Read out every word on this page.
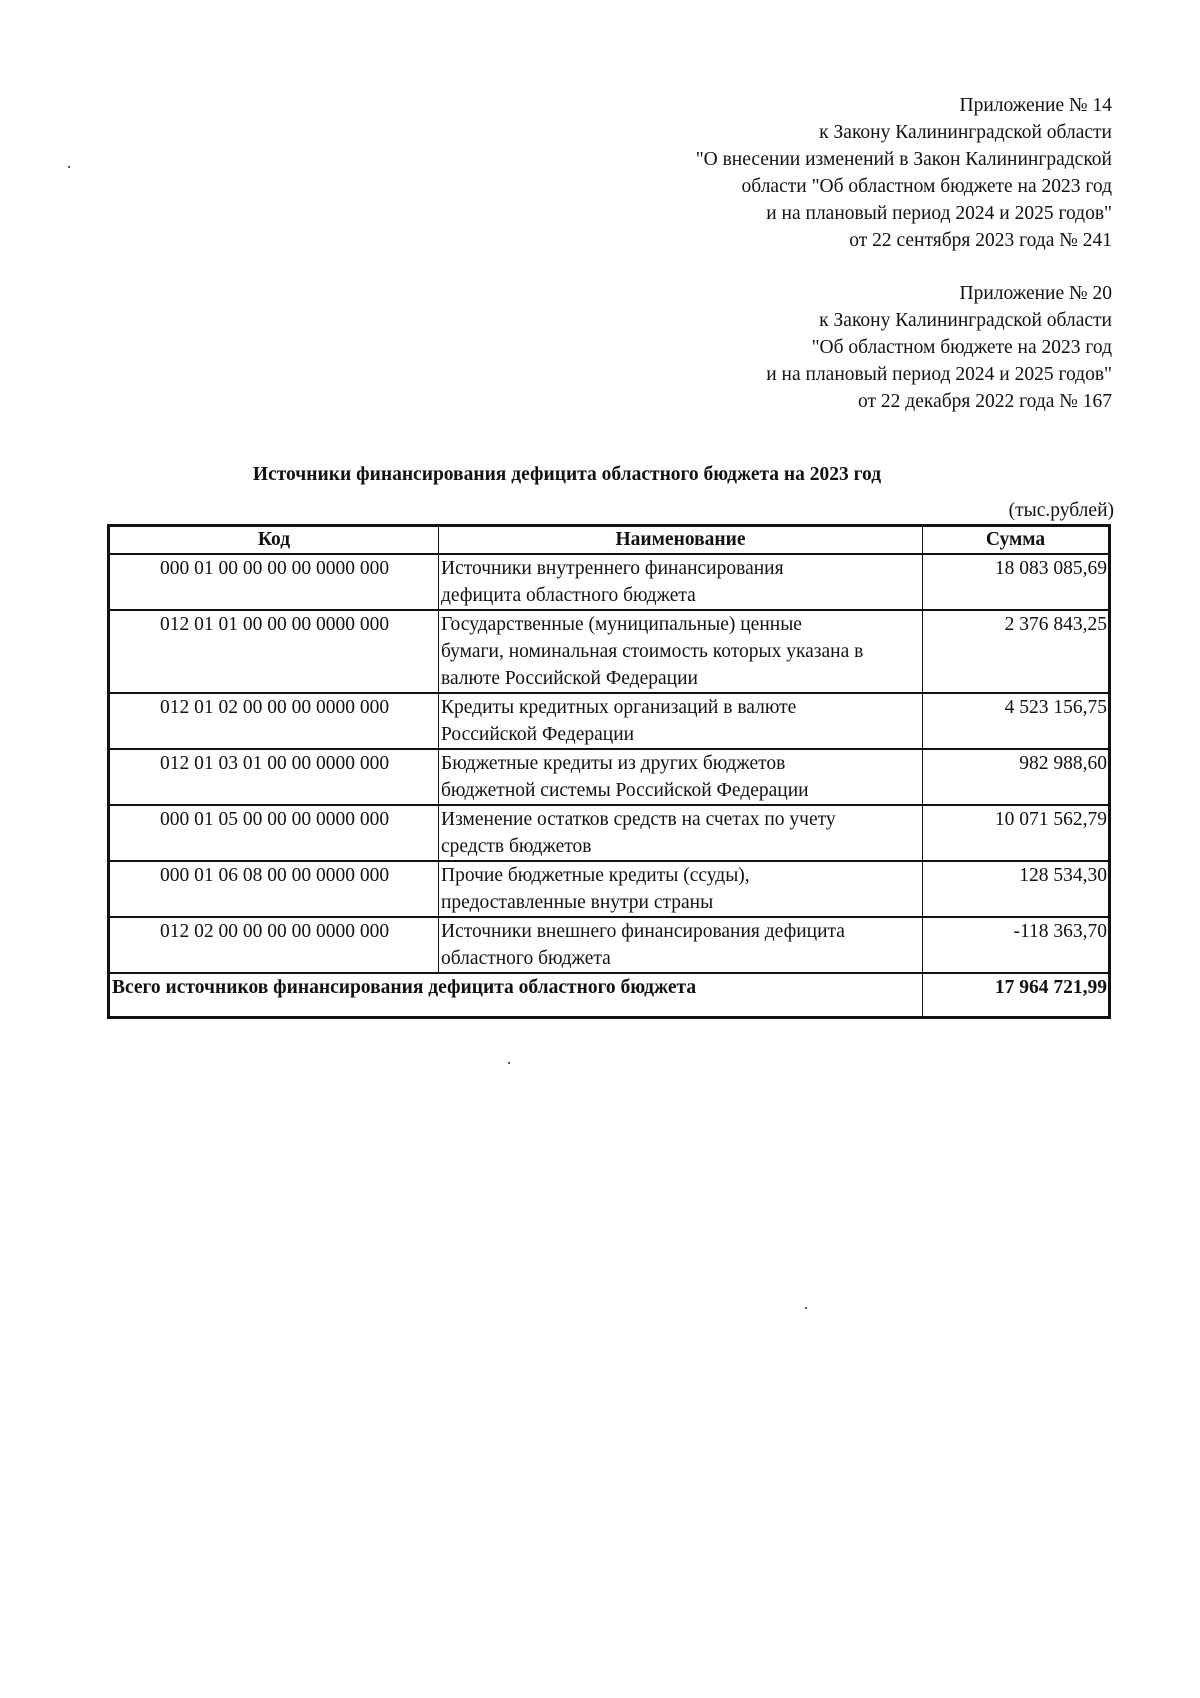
Приложение № 14
к Закону Калининградской области
"О внесении изменений в Закон Калининградской
области "Об областном бюджете на 2023 год
и на плановый период 2024 и 2025 годов"
от 22 сентября 2023 года № 241
Приложение № 20
к Закону Калининградской области
"Об областном бюджете на 2023 год
и на плановый период 2024 и 2025 годов"
от 22 декабря 2022 года № 167
Источники финансирования дефицита областного бюджета на 2023 год
(тыс.рублей)
Код	Наименование	Сумма
000 01 00 00 00 00 0000 000	Источники внутреннего финансирования
дефицита областного бюджета	18 083 085,69
012 01 01 00 00 00 0000 000	Государственные (муниципальные) ценные
бумаги, номинальная стоимость которых указана в
валюте Российской Федерации	2 376 843,25
012 01 02 00 00 00 0000 000	Кредиты кредитных организаций в валюте
Российской Федерации	4 523 156,75
012 01 03 01 00 00 0000 000	Бюджетные кредиты из других бюджетов
бюджетной системы Российской Федерации	982 988,60
000 01 05 00 00 00 0000 000	Изменение остатков средств на счетах по учету
средств бюджетов	10 071 562,79
000 01 06 08 00 00 0000 000	Прочие бюджетные кредиты (ссуды),
предоставленные внутри страны	128 534,30
012 02 00 00 00 00 0000 000	Источники внешнего финансирования дефицита
областного бюджета	-118 363,70
Всего источников финансирования дефицита областного бюджета		17 964 721,99
